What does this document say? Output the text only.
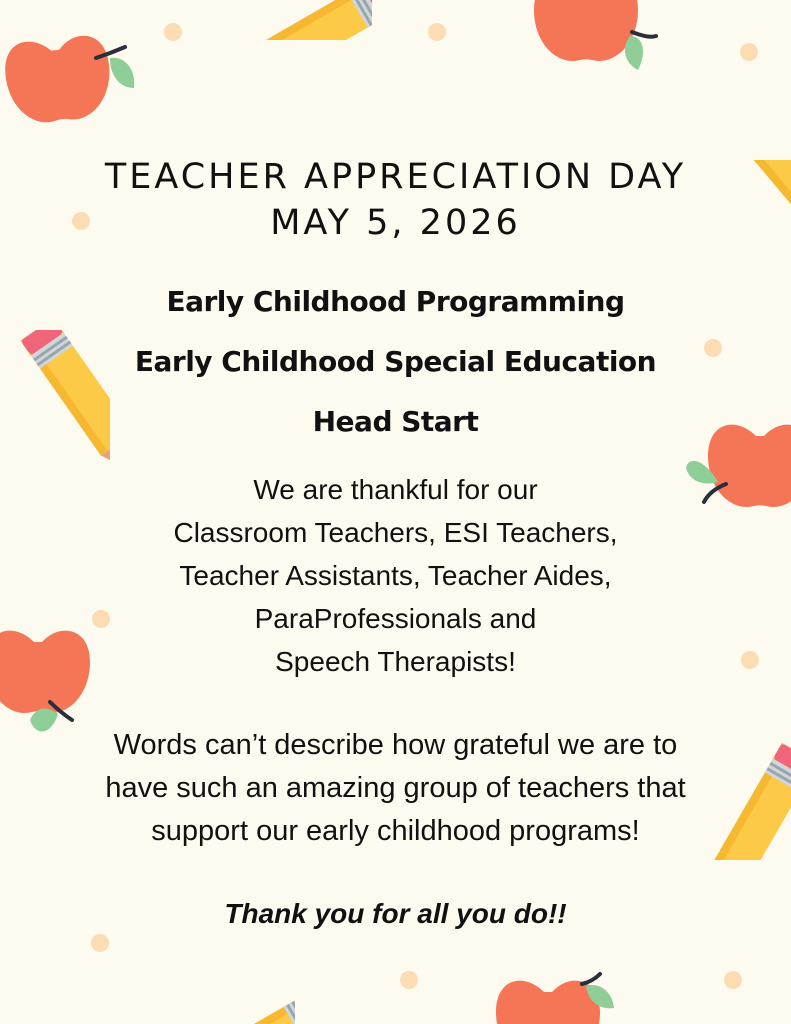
TEACHER APPRECIATION DAY
MAY 5, 2026
Early Childhood Programming
Early Childhood Special Education
Head Start
We are thankful for our
Classroom Teachers, ESI Teachers,
Teacher Assistants, Teacher Aides,
ParaProfessionals and
Speech Therapists!
Words can’t describe how grateful we are to
have such an amazing group of teachers that
support our early childhood programs!
Thank you for all you do!!
